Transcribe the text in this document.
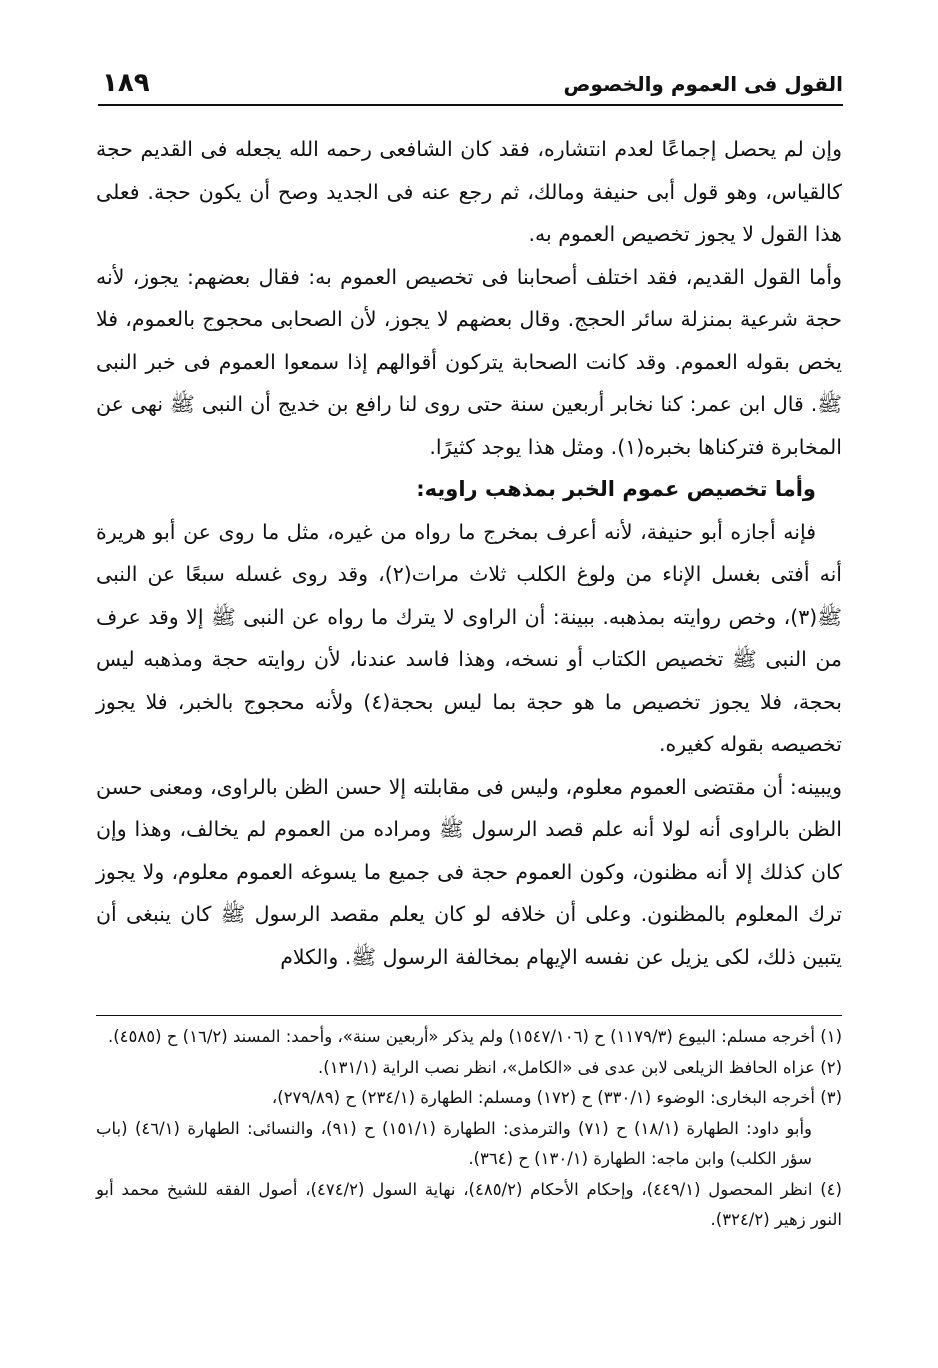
القول فى العموم والخصوص
١٨٩

وإن لم يحصل إجماعًا لعدم انتشاره، فقد كان الشافعى رحمه الله يجعله فى القديم حجة كالقياس، وهو قول أبى حنيفة ومالك، ثم رجع عنه فى الجديد وصح أن يكون حجة. فعلى هذا القول لا يجوز تخصيص العموم به.

وأما القول القديم، فقد اختلف أصحابنا فى تخصيص العموم به: فقال بعضهم: يجوز، لأنه حجة شرعية بمنزلة سائر الحجج. وقال بعضهم لا يجوز، لأن الصحابى محجوج بالعموم، فلا يخص بقوله العموم. وقد كانت الصحابة يتركون أقوالهم إذا سمعوا العموم فى خبر النبى ﷺ. قال ابن عمر: كنا نخابر أربعين سنة حتى روى لنا رافع بن خديج أن النبى ﷺ نهى عن المخابرة فتركناها بخبره(١). ومثل هذا يوجد كثيرًا.

وأما تخصيص عموم الخبر بمذهب راويه:

فإنه أجازه أبو حنيفة، لأنه أعرف بمخرج ما رواه من غيره، مثل ما روى عن أبو هريرة أنه أفتى بغسل الإناء من ولوغ الكلب ثلاث مرات(٢)، وقد روى غسله سبعًا عن النبى ﷺ(٣)، وخص روايته بمذهبه. ببينة: أن الراوى لا يترك ما رواه عن النبى ﷺ إلا وقد عرف من النبى ﷺ تخصيص الكتاب أو نسخه، وهذا فاسد عندنا، لأن روايته حجة ومذهبه ليس بحجة، فلا يجوز تخصيص ما هو حجة بما ليس بحجة(٤) ولأنه محجوج بالخبر، فلا يجوز تخصيصه بقوله كغيره.

ويبينه: أن مقتضى العموم معلوم، وليس فى مقابلته إلا حسن الظن بالراوى، ومعنى حسن الظن بالراوى أنه لولا أنه علم قصد الرسول ﷺ ومراده من العموم لم يخالف، وهذا وإن كان كذلك إلا أنه مظنون، وكون العموم حجة فى جميع ما يسوغه العموم معلوم، ولا يجوز ترك المعلوم بالمظنون. وعلى أن خلافه لو كان يعلم مقصد الرسول ﷺ كان ينبغى أن يتبين ذلك، لكى يزيل عن نفسه الإيهام بمخالفة الرسول ﷺ. والكلام

(١) أخرجه مسلم: البيوع (١١٧٩/٣) ح (١٥٤٧/١٠٦) ولم يذكر «أربعين سنة»، وأحمد: المسند (١٦/٢) ح (٤٥٨٥).

(٢) عزاه الحافظ الزيلعى لابن عدى فى «الكامل»، انظر نصب الراية (١٣١/١).

(٣) أخرجه البخارى: الوضوء (٣٣٠/١) ح (١٧٢) ومسلم: الطهارة (٢٣٤/١) ح (٢٧٩/٨٩)،

وأبو داود: الطهارة (١٨/١) ح (٧١) والترمذى: الطهارة (١٥١/١) ح (٩١)، والنسائى: الطهارة (٤٦/١) (باب سؤر الكلب) وابن ماجه: الطهارة (١٣٠/١) ح (٣٦٤).

(٤) انظر المحصول (٤٤٩/١)، وإحكام الأحكام (٤٨٥/٢)، نهاية السول (٤٧٤/٢)، أصول الفقه للشيخ محمد أبو النور زهير (٣٢٤/٢).
